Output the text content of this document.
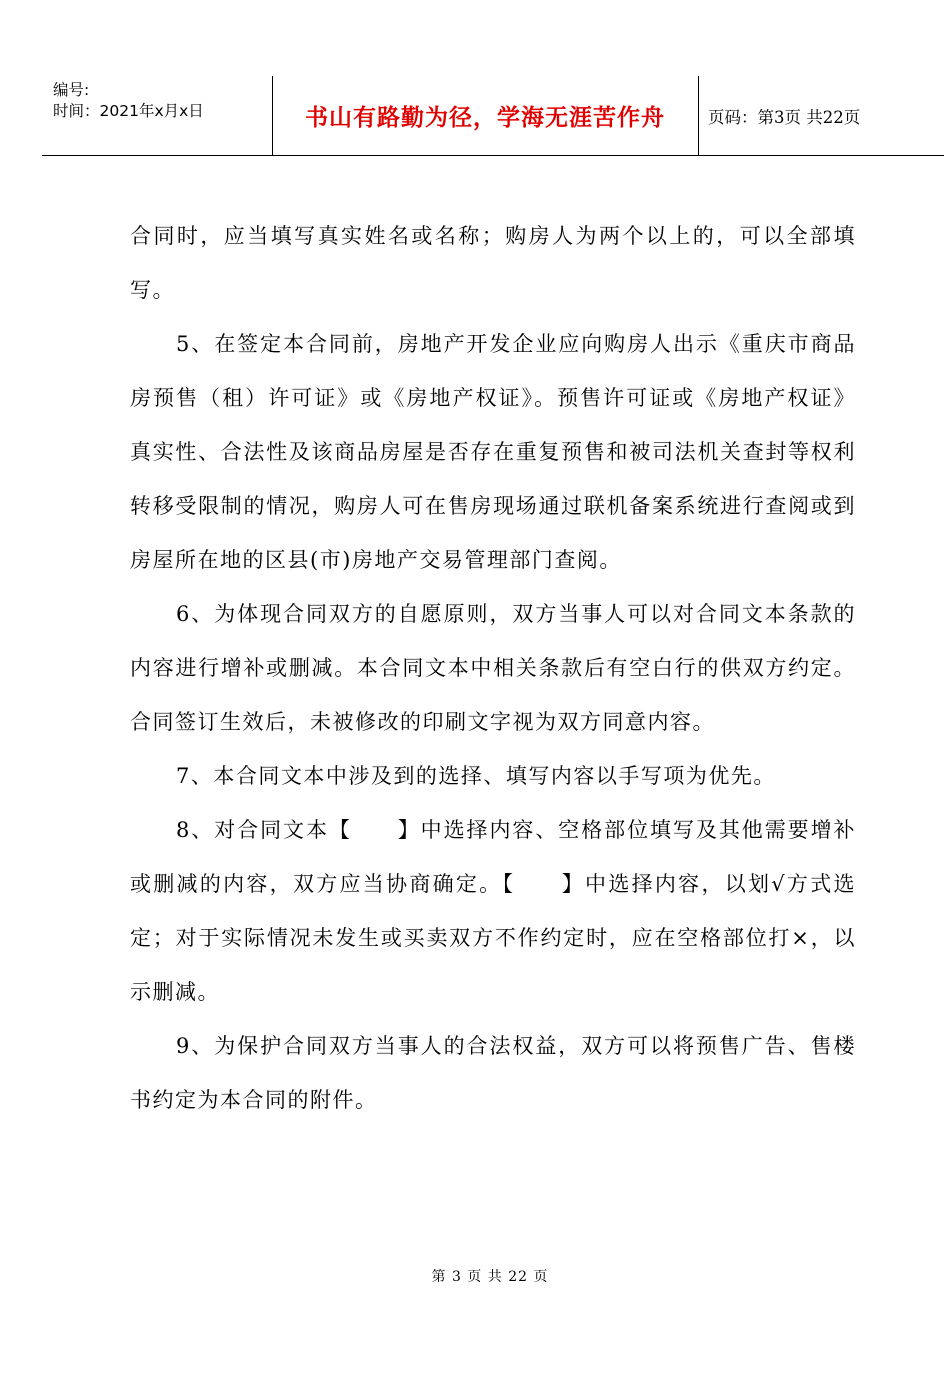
编号:
时间：2021年x月x日	书山有路勤为径，学海无涯苦作舟	页码：第3页 共22页

合同时，应当填写真实姓名或名称；购房人为两个以上的，可以全部填写。

5、在签定本合同前，房地产开发企业应向购房人出示《重庆市商品房预售（租）许可证》或《房地产权证》。预售许可证或《房地产权证》真实性、合法性及该商品房屋是否存在重复预售和被司法机关查封等权利转移受限制的情况，购房人可在售房现场通过联机备案系统进行查阅或到房屋所在地的区县(市)房地产交易管理部门查阅。

6、为体现合同双方的自愿原则，双方当事人可以对合同文本条款的内容进行增补或删减。本合同文本中相关条款后有空白行的供双方约定。合同签订生效后，未被修改的印刷文字视为双方同意内容。

7、本合同文本中涉及到的选择、填写内容以手写项为优先。

8、对合同文本【　　】中选择内容、空格部位填写及其他需要增补或删减的内容，双方应当协商确定。【　　】中选择内容，以划√方式选定；对于实际情况未发生或买卖双方不作约定时，应在空格部位打×，以示删减。

9、为保护合同双方当事人的合法权益，双方可以将预售广告、售楼书约定为本合同的附件。

第 3 页 共 22 页
